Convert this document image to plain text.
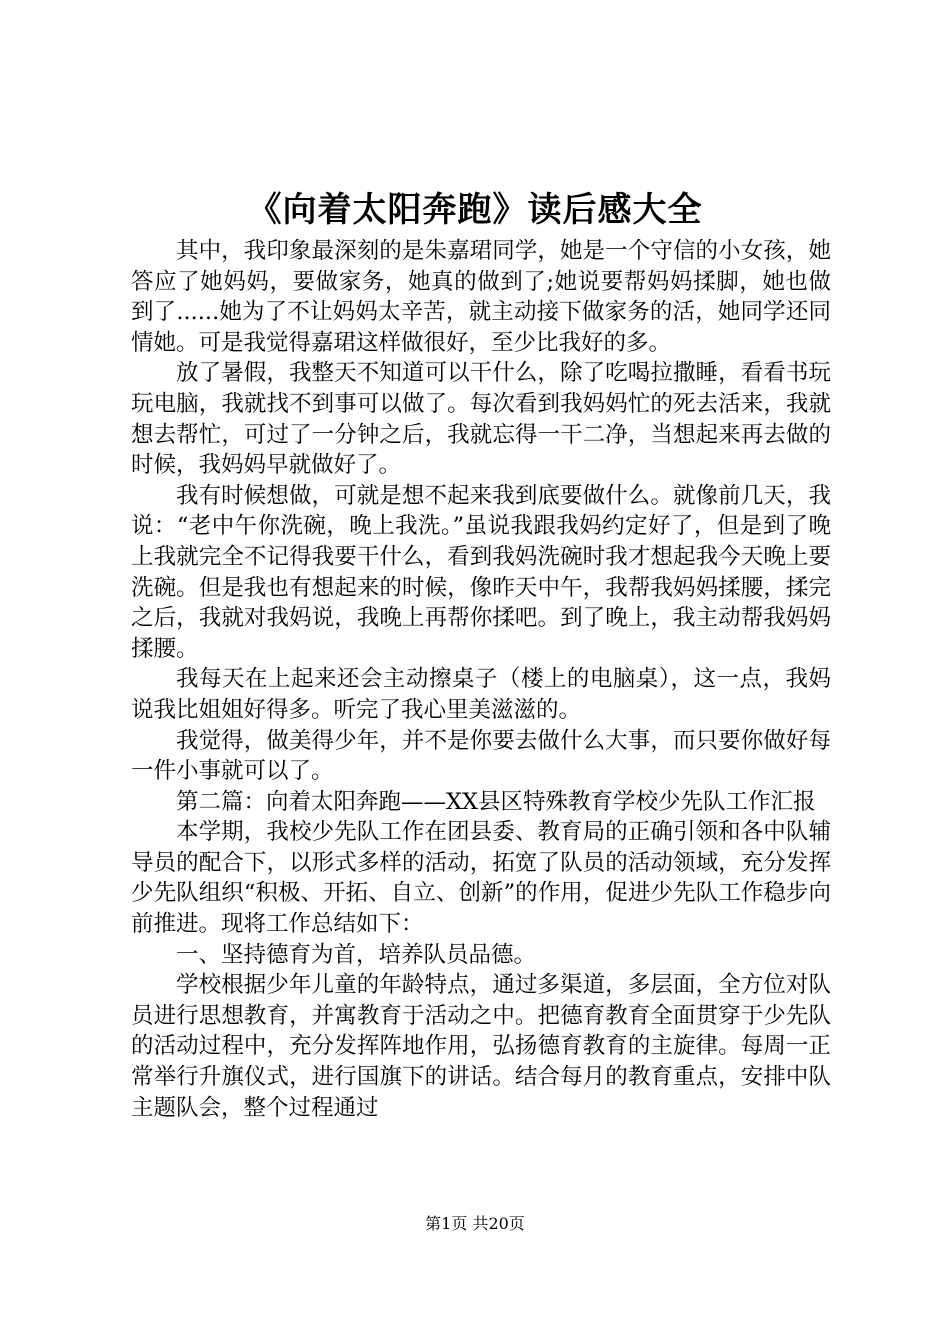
《向着太阳奔跑》读后感大全

其中，我印象最深刻的是朱嘉珺同学，她是一个守信的小女孩，她答应了她妈妈，要做家务，她真的做到了;她说要帮妈妈揉脚，她也做到了......她为了不让妈妈太辛苦，就主动接下做家务的活，她同学还同情她。可是我觉得嘉珺这样做很好，至少比我好的多。

放了暑假，我整天不知道可以干什么，除了吃喝拉撒睡，看看书玩玩电脑，我就找不到事可以做了。每次看到我妈妈忙的死去活来，我就想去帮忙，可过了一分钟之后，我就忘得一干二净，当想起来再去做的时候，我妈妈早就做好了。

我有时候想做，可就是想不起来我到底要做什么。就像前几天，我说：“老中午你洗碗，晚上我洗。”虽说我跟我妈约定好了，但是到了晚上我就完全不记得我要干什么，看到我妈洗碗时我才想起我今天晚上要洗碗。但是我也有想起来的时候，像昨天中午，我帮我妈妈揉腰，揉完之后，我就对我妈说，我晚上再帮你揉吧。到了晚上，我主动帮我妈妈揉腰。

我每天在上起来还会主动擦桌子（楼上的电脑桌），这一点，我妈说我比姐姐好得多。听完了我心里美滋滋的。

我觉得，做美得少年，并不是你要去做什么大事，而只要你做好每一件小事就可以了。

第二篇：向着太阳奔跑——XX县区特殊教育学校少先队工作汇报

本学期，我校少先队工作在团县委、教育局的正确引领和各中队辅导员的配合下，以形式多样的活动，拓宽了队员的活动领域，充分发挥少先队组织“积极、开拓、自立、创新”的作用，促进少先队工作稳步向前推进。现将工作总结如下：

一、坚持德育为首，培养队员品德。

学校根据少年儿童的年龄特点，通过多渠道，多层面，全方位对队员进行思想教育，并寓教育于活动之中。把德育教育全面贯穿于少先队的活动过程中，充分发挥阵地作用，弘扬德育教育的主旋律。每周一正常举行升旗仪式，进行国旗下的讲话。结合每月的教育重点，安排中队主题队会，整个过程通过

第1页 共20页
